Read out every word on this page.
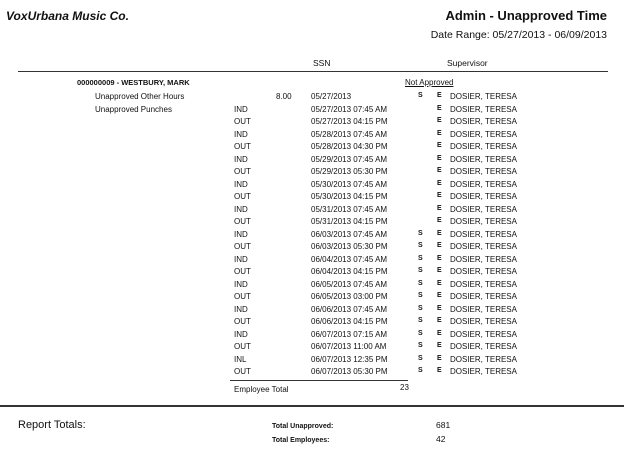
VoxUrbana Music Co.	Admin - Unapproved Time
Date Range: 05/27/2013 - 06/09/2013
SSN	Supervisor
000000009 - WESTBURY, MARK	Not Approved
Unapproved Other Hours	8.00 05/27/2013	S E DOSIER, TERESA
Unapproved Punches	IND	05/27/2013 07:45 AM	E DOSIER, TERESA
OUT	05/27/2013 04:15 PM	E DOSIER, TERESA
IND	05/28/2013 07:45 AM	E DOSIER, TERESA
OUT	05/28/2013 04:30 PM	E DOSIER, TERESA
IND	05/29/2013 07:45 AM	E DOSIER, TERESA
OUT	05/29/2013 05:30 PM	E DOSIER, TERESA
IND	05/30/2013 07:45 AM	E DOSIER, TERESA
OUT	05/30/2013 04:15 PM	E DOSIER, TERESA
IND	05/31/2013 07:45 AM	E DOSIER, TERESA
OUT	05/31/2013 04:15 PM	E DOSIER, TERESA
IND	06/03/2013 07:45 AM	S E DOSIER, TERESA
OUT	06/03/2013 05:30 PM	S E DOSIER, TERESA
IND	06/04/2013 07:45 AM	S E DOSIER, TERESA
OUT	06/04/2013 04:15 PM	S E DOSIER, TERESA
IND	06/05/2013 07:45 AM	S E DOSIER, TERESA
OUT	06/05/2013 03:00 PM	S E DOSIER, TERESA
IND	06/06/2013 07:45 AM	S E DOSIER, TERESA
OUT	06/06/2013 04:15 PM	S E DOSIER, TERESA
IND	06/07/2013 07:15 AM	S E DOSIER, TERESA
OUT	06/07/2013 11:00 AM	S E DOSIER, TERESA
INL	06/07/2013 12:35 PM	S E DOSIER, TERESA
OUT	06/07/2013 05:30 PM	S E DOSIER, TERESA
Employee Total	23
Report Totals:	Total Unapproved:	681
Total Employees:	42
